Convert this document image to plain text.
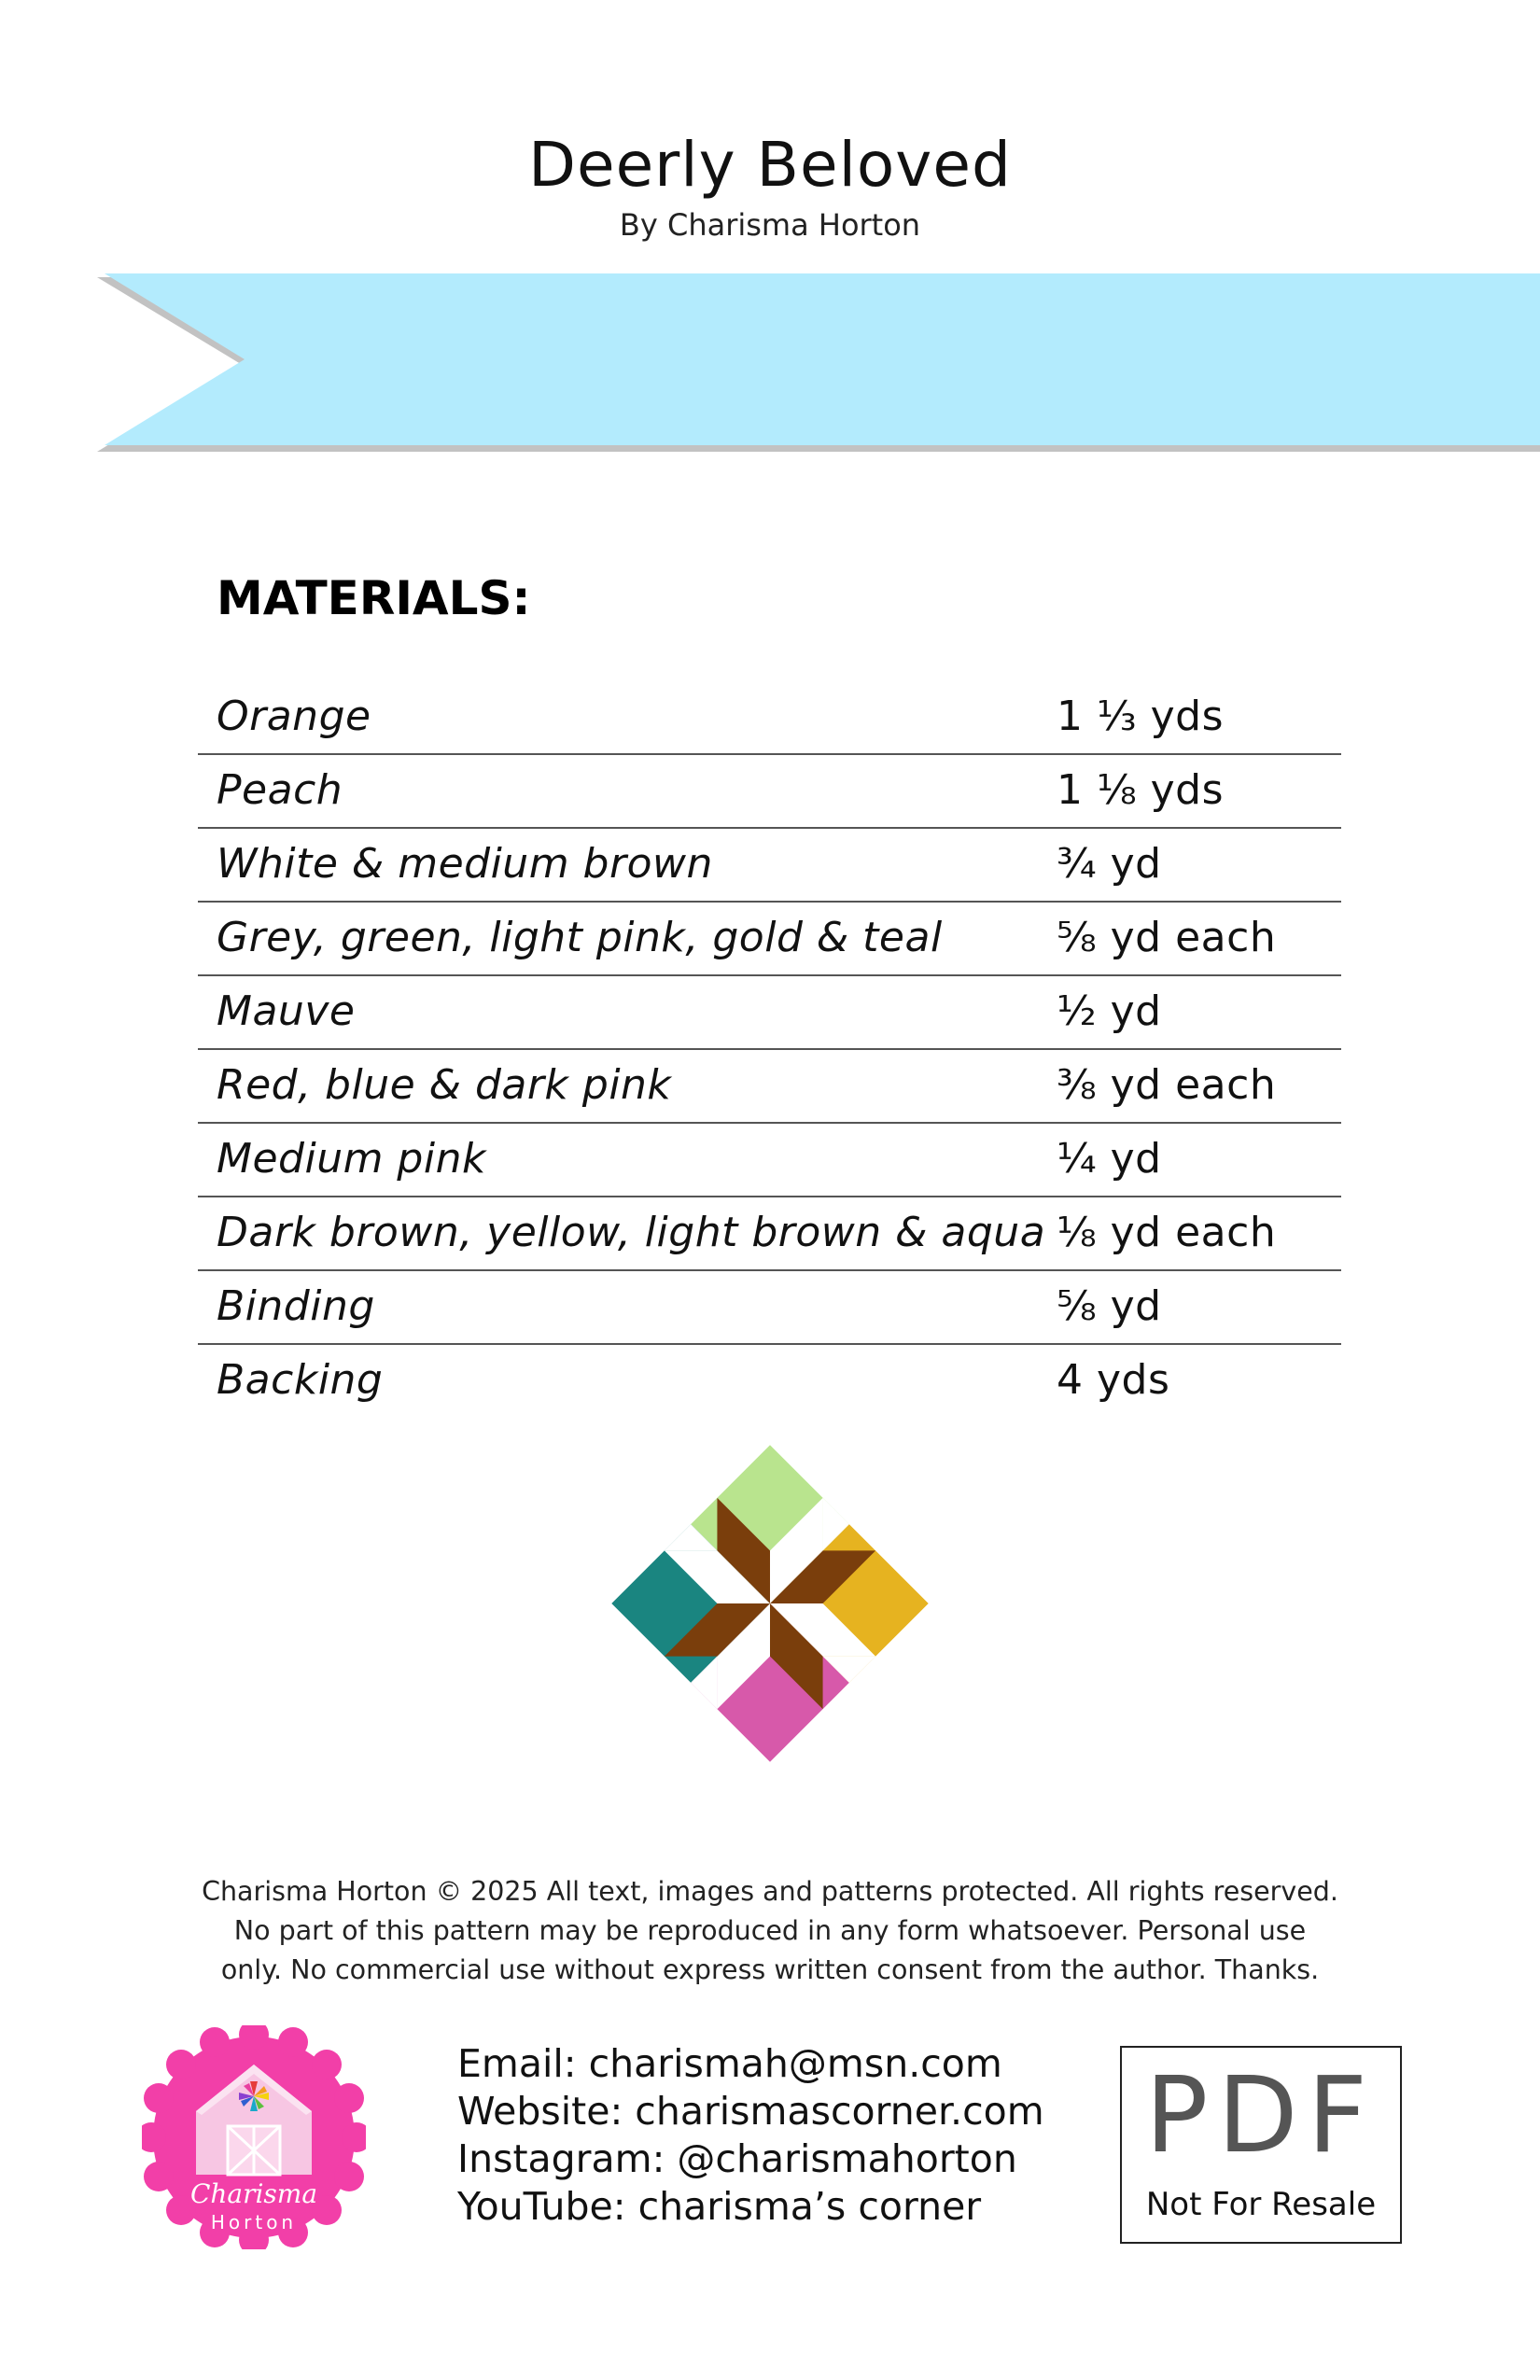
Deerly Beloved
By Charisma Horton
MATERIALS:
Orange	1 ⅓ yds
Peach	1 ⅛ yds
White & medium brown	¾ yd
Grey, green, light pink, gold & teal	⅝ yd each
Mauve	½ yd
Red, blue & dark pink	⅜ yd each
Medium pink	¼ yd
Dark brown, yellow, light brown & aqua ⅛ yd each
Binding	⅝ yd
Backing	4 yds
Charisma Horton © 2025 All text, images and patterns protected. All rights reserved.
No part of this pattern may be reproduced in any form whatsoever. Personal use
only. No commercial use without express written consent from the author. Thanks.
Charisma
Horton
Email: charismah@msn.com
Website: charismascorner.com
Instagram: @charismahorton
YouTube: charisma’s corner
PDF
Not For Resale
